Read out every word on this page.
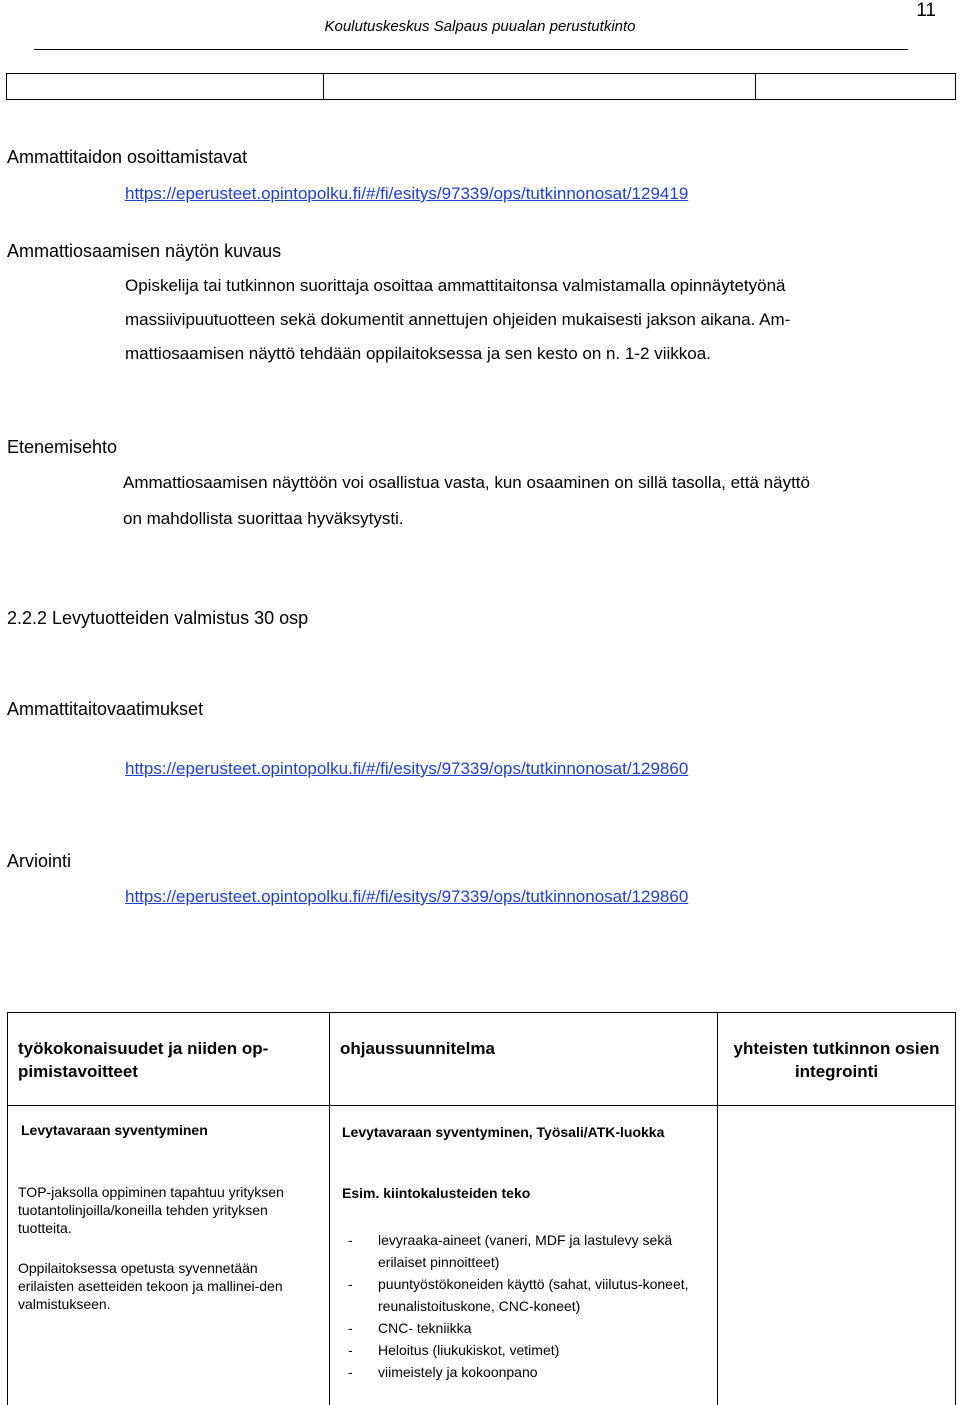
11
Koulutuskeskus Salpaus puualan perustutkinto
Ammattitaidon osoittamistavat
https://eperusteet.opintopolku.fi/#/fi/esitys/97339/ops/tutkinnonosat/129419
Ammattiosaamisen näytön kuvaus
Opiskelija tai tutkinnon suorittaja osoittaa ammattitaitonsa valmistamalla opinnäytetyönä
massiivipuutuotteen sekä dokumentit annettujen ohjeiden mukaisesti jakson aikana. Am-
mattiosaamisen näyttö tehdään oppilaitoksessa ja sen kesto on n. 1-2 viikkoa.
Etenemisehto
Ammattiosaamisen näyttöön voi osallistua vasta, kun osaaminen on sillä tasolla, että näyttö
on mahdollista suorittaa hyväksytysti.
2.2.2 Levytuotteiden valmistus 30 osp
Ammattitaitovaatimukset
https://eperusteet.opintopolku.fi/#/fi/esitys/97339/ops/tutkinnonosat/129860
Arviointi
https://eperusteet.opintopolku.fi/#/fi/esitys/97339/ops/tutkinnonosat/129860
työkokonaisuudet ja niiden op-pimistavoitteet
ohjaussuunnitelma	yhteisten tutkinnon osien integrointi
Levytavaraan syventyminen
TOP-jaksolla oppiminen tapahtuu yrityksen tuotantolinjoilla/koneilla tehden yrityksen tuotteita.
Oppilaitoksessa opetusta syvennetään erilaisten asetteiden tekoon ja mallinei-den valmistukseen.
Levytavaraan syventyminen, Työsali/ATK-luokka
Esim. kiintokalusteiden teko
- levyraaka-aineet (vaneri, MDF ja lastulevy sekä erilaiset pinnoitteet)
- puuntyöstökoneiden käyttö (sahat, viilutus-koneet, reunalistoituskone, CNC-koneet)
- CNC- tekniikka
- Heloitus (liukukiskot, vetimet)
- viimeistely ja kokoonpano
